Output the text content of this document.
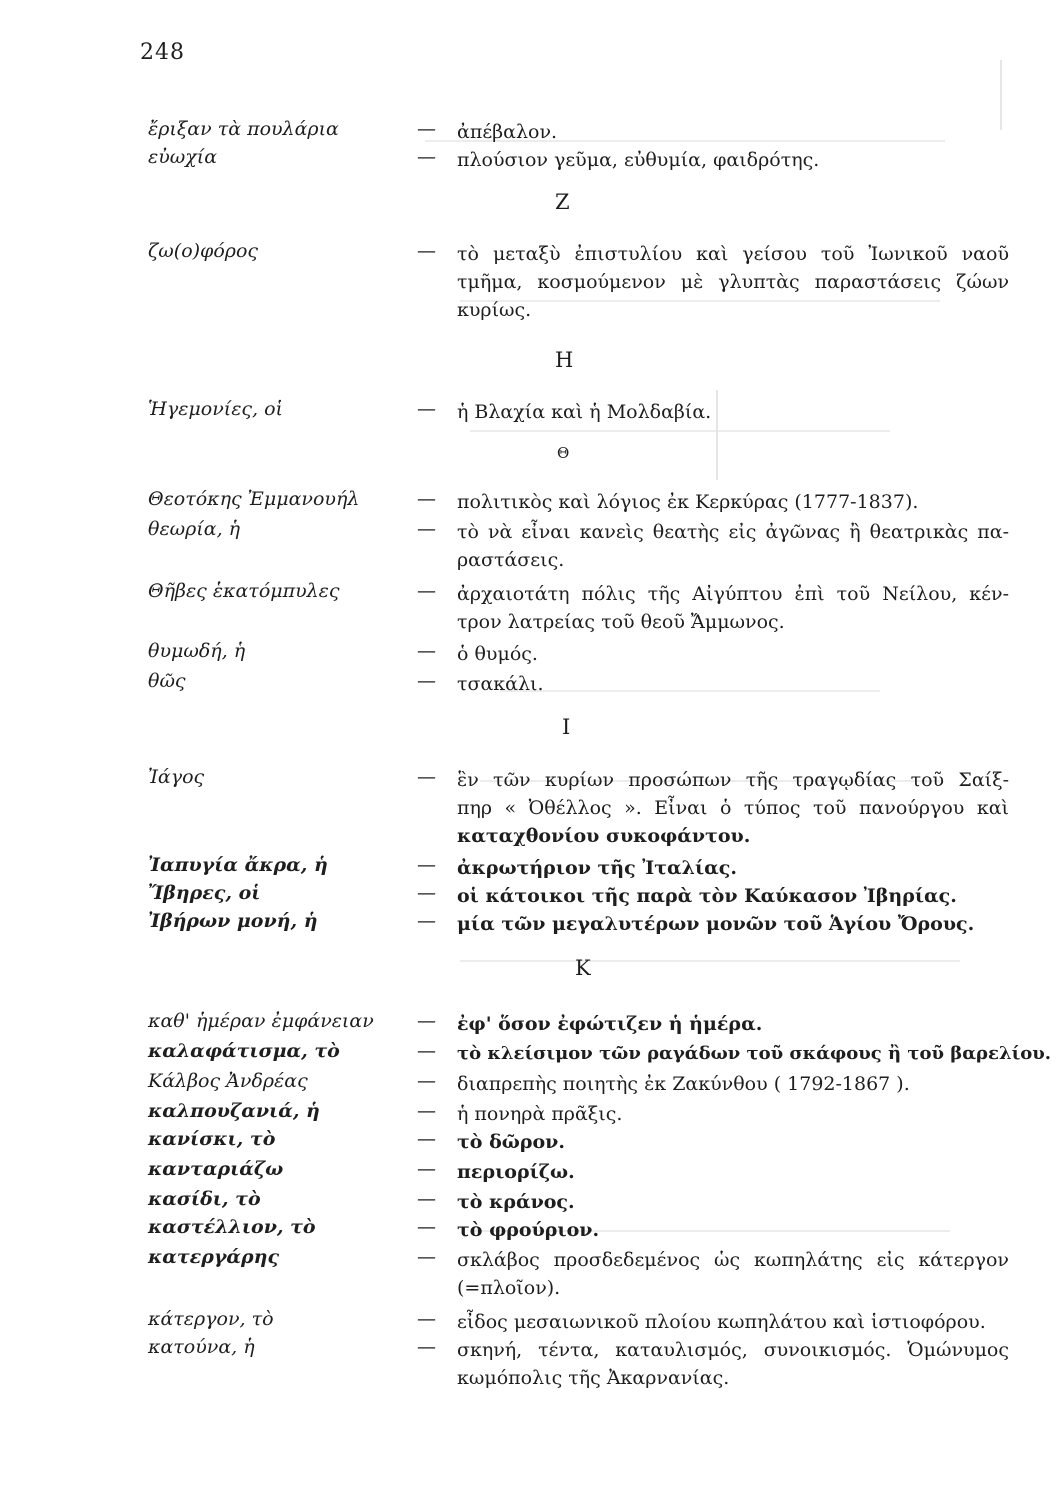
248
ἔριξαν τὰ πουλάρια	— ἀπέβαλον.
εὐωχία	— πλούσιον γεῦμα, εὐθυμία, φαιδρότης.
Ζ
ζω(ο)φόρος	— τὸ μεταξὺ ἐπιστυλίου καὶ γείσου τοῦ Ἰωνικοῦ ναοῦ
τμῆμα, κοσμούμενον μὲ γλυπτὰς παραστάσεις ζώων
κυρίως.
Η
Ἡγεμονίες, οἱ	— ἡ Βλαχία καὶ ἡ Μολδαβία.
Θ
Θεοτόκης Ἐμμανουήλ	— πολιτικὸς καὶ λόγιος ἐκ Κερκύρας (1777-1837).
θεωρία, ἡ	— τὸ νὰ εἶναι κανεὶς θεατὴς εἰς ἀγῶνας ἢ θεατρικὰς πα-
ραστάσεις.
Θῆβες ἑκατόμπυλες	— ἀρχαιοτάτη πόλις τῆς Αἰγύπτου ἐπὶ τοῦ Νείλου, κέν-
τρον λατρείας τοῦ θεοῦ Ἄμμωνος.
θυμωδή, ἡ	— ὁ θυμός.
θῶς	— τσακάλι.
Ι
Ἰάγος	— ἓν τῶν κυρίων προσώπων τῆς τραγῳδίας τοῦ Σαίξ-
πηρ « Ὀθέλλος ». Εἶναι ὁ τύπος τοῦ πανούργου καὶ
καταχθονίου συκοφάντου.
Ἰαπυγία ἄκρα, ἡ	— ἀκρωτήριον τῆς Ἰταλίας.
Ἴβηρες, οἱ	— οἱ κάτοικοι τῆς παρὰ τὸν Καύκασον Ἰβηρίας.
Ἰβήρων μονή, ἡ	— μία τῶν μεγαλυτέρων μονῶν τοῦ Ἁγίου Ὄρους.
Κ
καθ' ἡμέραν ἐμφάνειαν — ἐφ' ὅσον ἐφώτιζεν ἡ ἡμέρα.
καλαφάτισμα, τὸ	— τὸ κλείσιμον τῶν ραγάδων τοῦ σκάφους ἢ τοῦ βαρελίου.
Κάλβος Ἀνδρέας	— διαπρεπὴς ποιητὴς ἐκ Ζακύνθου ( 1792-1867 ).
καλπουζανιά, ἡ	— ἡ πονηρὰ πρᾶξις.
κανίσκι, τὸ	— τὸ δῶρον.
κανταριάζω	— περιορίζω.
κασίδι, τὸ	— τὸ κράνος.
καστέλλιον, τὸ	— τὸ φρούριον.
κατεργάρης	— σκλάβος προσδεδεμένος ὡς κωπηλάτης εἰς κάτεργον
(=πλοῖον).
κάτεργον, τὸ	— εἶδος μεσαιωνικοῦ πλοίου κωπηλάτου καὶ ἱστιοφόρου.
κατούνα, ἡ	— σκηνή, τέντα, καταυλισμός, συνοικισμός. Ὁμώνυμος
κωμόπολις τῆς Ἀκαρνανίας.
